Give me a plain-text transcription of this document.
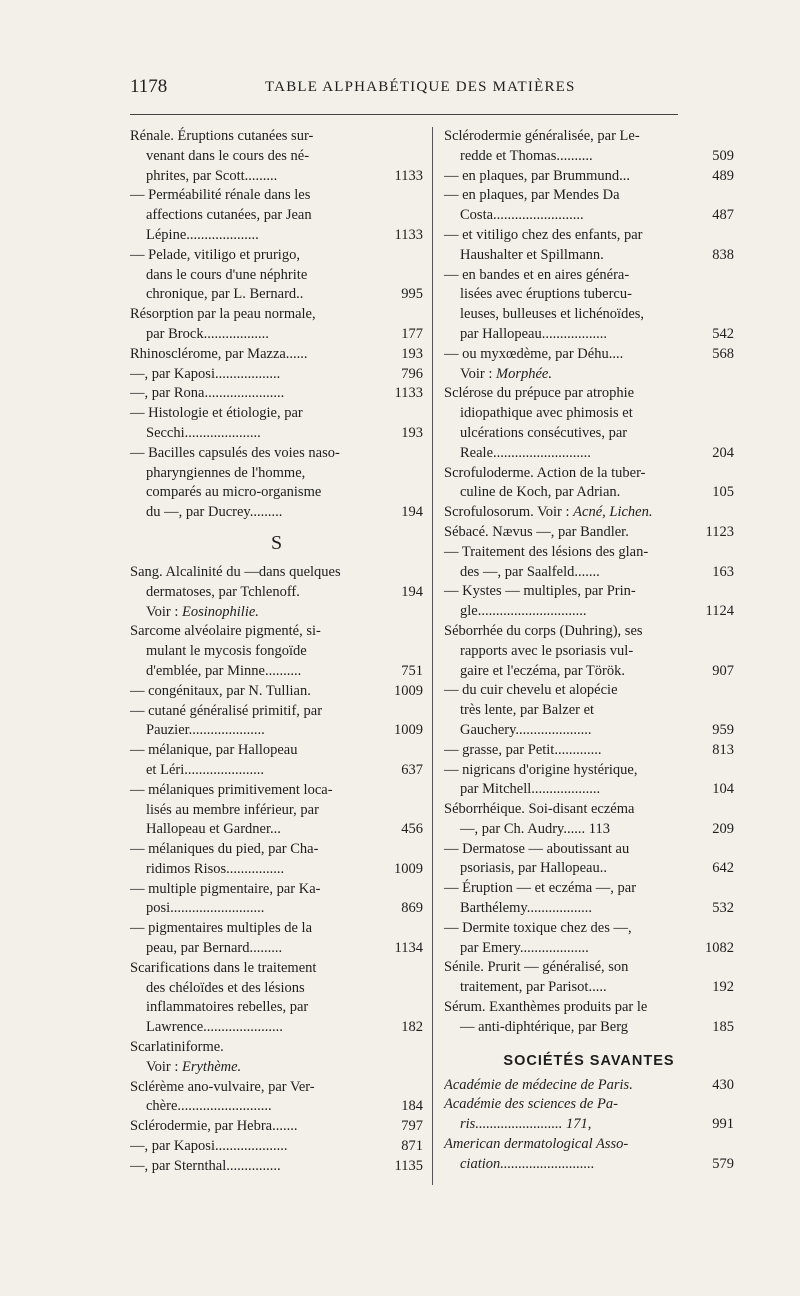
1178	TABLE ALPHABÉTIQUE DES MATIÈRES
Rénale. Éruptions cutanées sur-
venant dans le cours des né-
phrites, par Scott.........	1133
— Perméabilité rénale dans les
affections cutanées, par Jean
Lépine....................	1133
— Pelade, vitiligo et prurigo,
dans le cours d'une néphrite
chronique, par L. Bernard..	995
Résorption par la peau normale,
par Brock..................	177
Rhinosclérome, par Mazza......	193
—, par Kaposi..................	796
—, par Rona......................	1133
— Histologie et étiologie, par
Secchi.....................	193
— Bacilles capsulés des voies naso-
pharyngiennes de l'homme,
comparés au micro-organisme
du —, par Ducrey.........	194
S
Sang. Alcalinité du —dans quelques
dermatoses, par Tchlenoff.	194
Voir : Eosinophilie.
Sarcome alvéolaire pigmenté, si-
mulant le mycosis fongoïde
d'emblée, par Minne..........	751
— congénitaux, par N. Tullian.	1009
— cutané généralisé primitif, par
Pauzier.....................	1009
— mélanique, par Hallopeau
et Léri......................	637
— mélaniques primitivement loca-
lisés au membre inférieur, par
Hallopeau et Gardner...	456
— mélaniques du pied, par Cha-
ridimos Risos................	1009
— multiple pigmentaire, par Ka-
posi..........................	869
— pigmentaires multiples de la
peau, par Bernard.........	1134
Scarifications dans le traitement
des chéloïdes et des lésions
inflammatoires rebelles, par
Lawrence......................	182
Scarlatiniforme.
Voir : Erythème.
Sclérème ano-vulvaire, par Ver-
chère..........................	184
Sclérodermie, par Hebra.......	797
—, par Kaposi....................	871
—, par Sternthal...............	1135
Sclérodermie généralisée, par Le-
redde et Thomas..........	509
— en plaques, par Brummund...	489
— en plaques, par Mendes Da
Costa.........................	487
— et vitiligo chez des enfants, par
Haushalter et Spillmann.	838
— en bandes et en aires généra-
lisées avec éruptions tubercu-
leuses, bulleuses et lichénoïdes,
par Hallopeau..................	542
— ou myxœdème, par Déhu....	568
Voir : Morphée.
Sclérose du prépuce par atrophie
idiopathique avec phimosis et
ulcérations consécutives, par
Reale...........................	204
Scrofuloderme. Action de la tuber-
culine de Koch, par Adrian.	105
Scrofulosorum. Voir : Acné, Lichen.
Sébacé. Nævus —, par Bandler.	1123
— Traitement des lésions des glan-
des —, par Saalfeld.......	163
— Kystes — multiples, par Prin-
gle..............................	1124
Séborrhée du corps (Duhring), ses
rapports avec le psoriasis vul-
gaire et l'eczéma, par Török.	907
— du cuir chevelu et alopécie
très lente, par Balzer et
Gauchery.....................	959
— grasse, par Petit.............	813
— nigricans d'origine hystérique,
par Mitchell...................	104
Séborrhéique. Soi-disant eczéma
—, par Ch. Audry...... 113	209
— Dermatose — aboutissant au
psoriasis, par Hallopeau..	642
— Éruption — et eczéma —, par
Barthélemy..................	532
— Dermite toxique chez des —,
par Emery...................	1082
Sénile. Prurit — généralisé, son
traitement, par Parisot.....	192
Sérum. Exanthèmes produits par le
— anti-diphtérique, par Berg	185
SOCIÉTÉS SAVANTES
Académie de médecine de Paris.	430
Académie des sciences de Pa-
ris........................ 171,	991
American dermatological Asso-
ciation..........................	579
